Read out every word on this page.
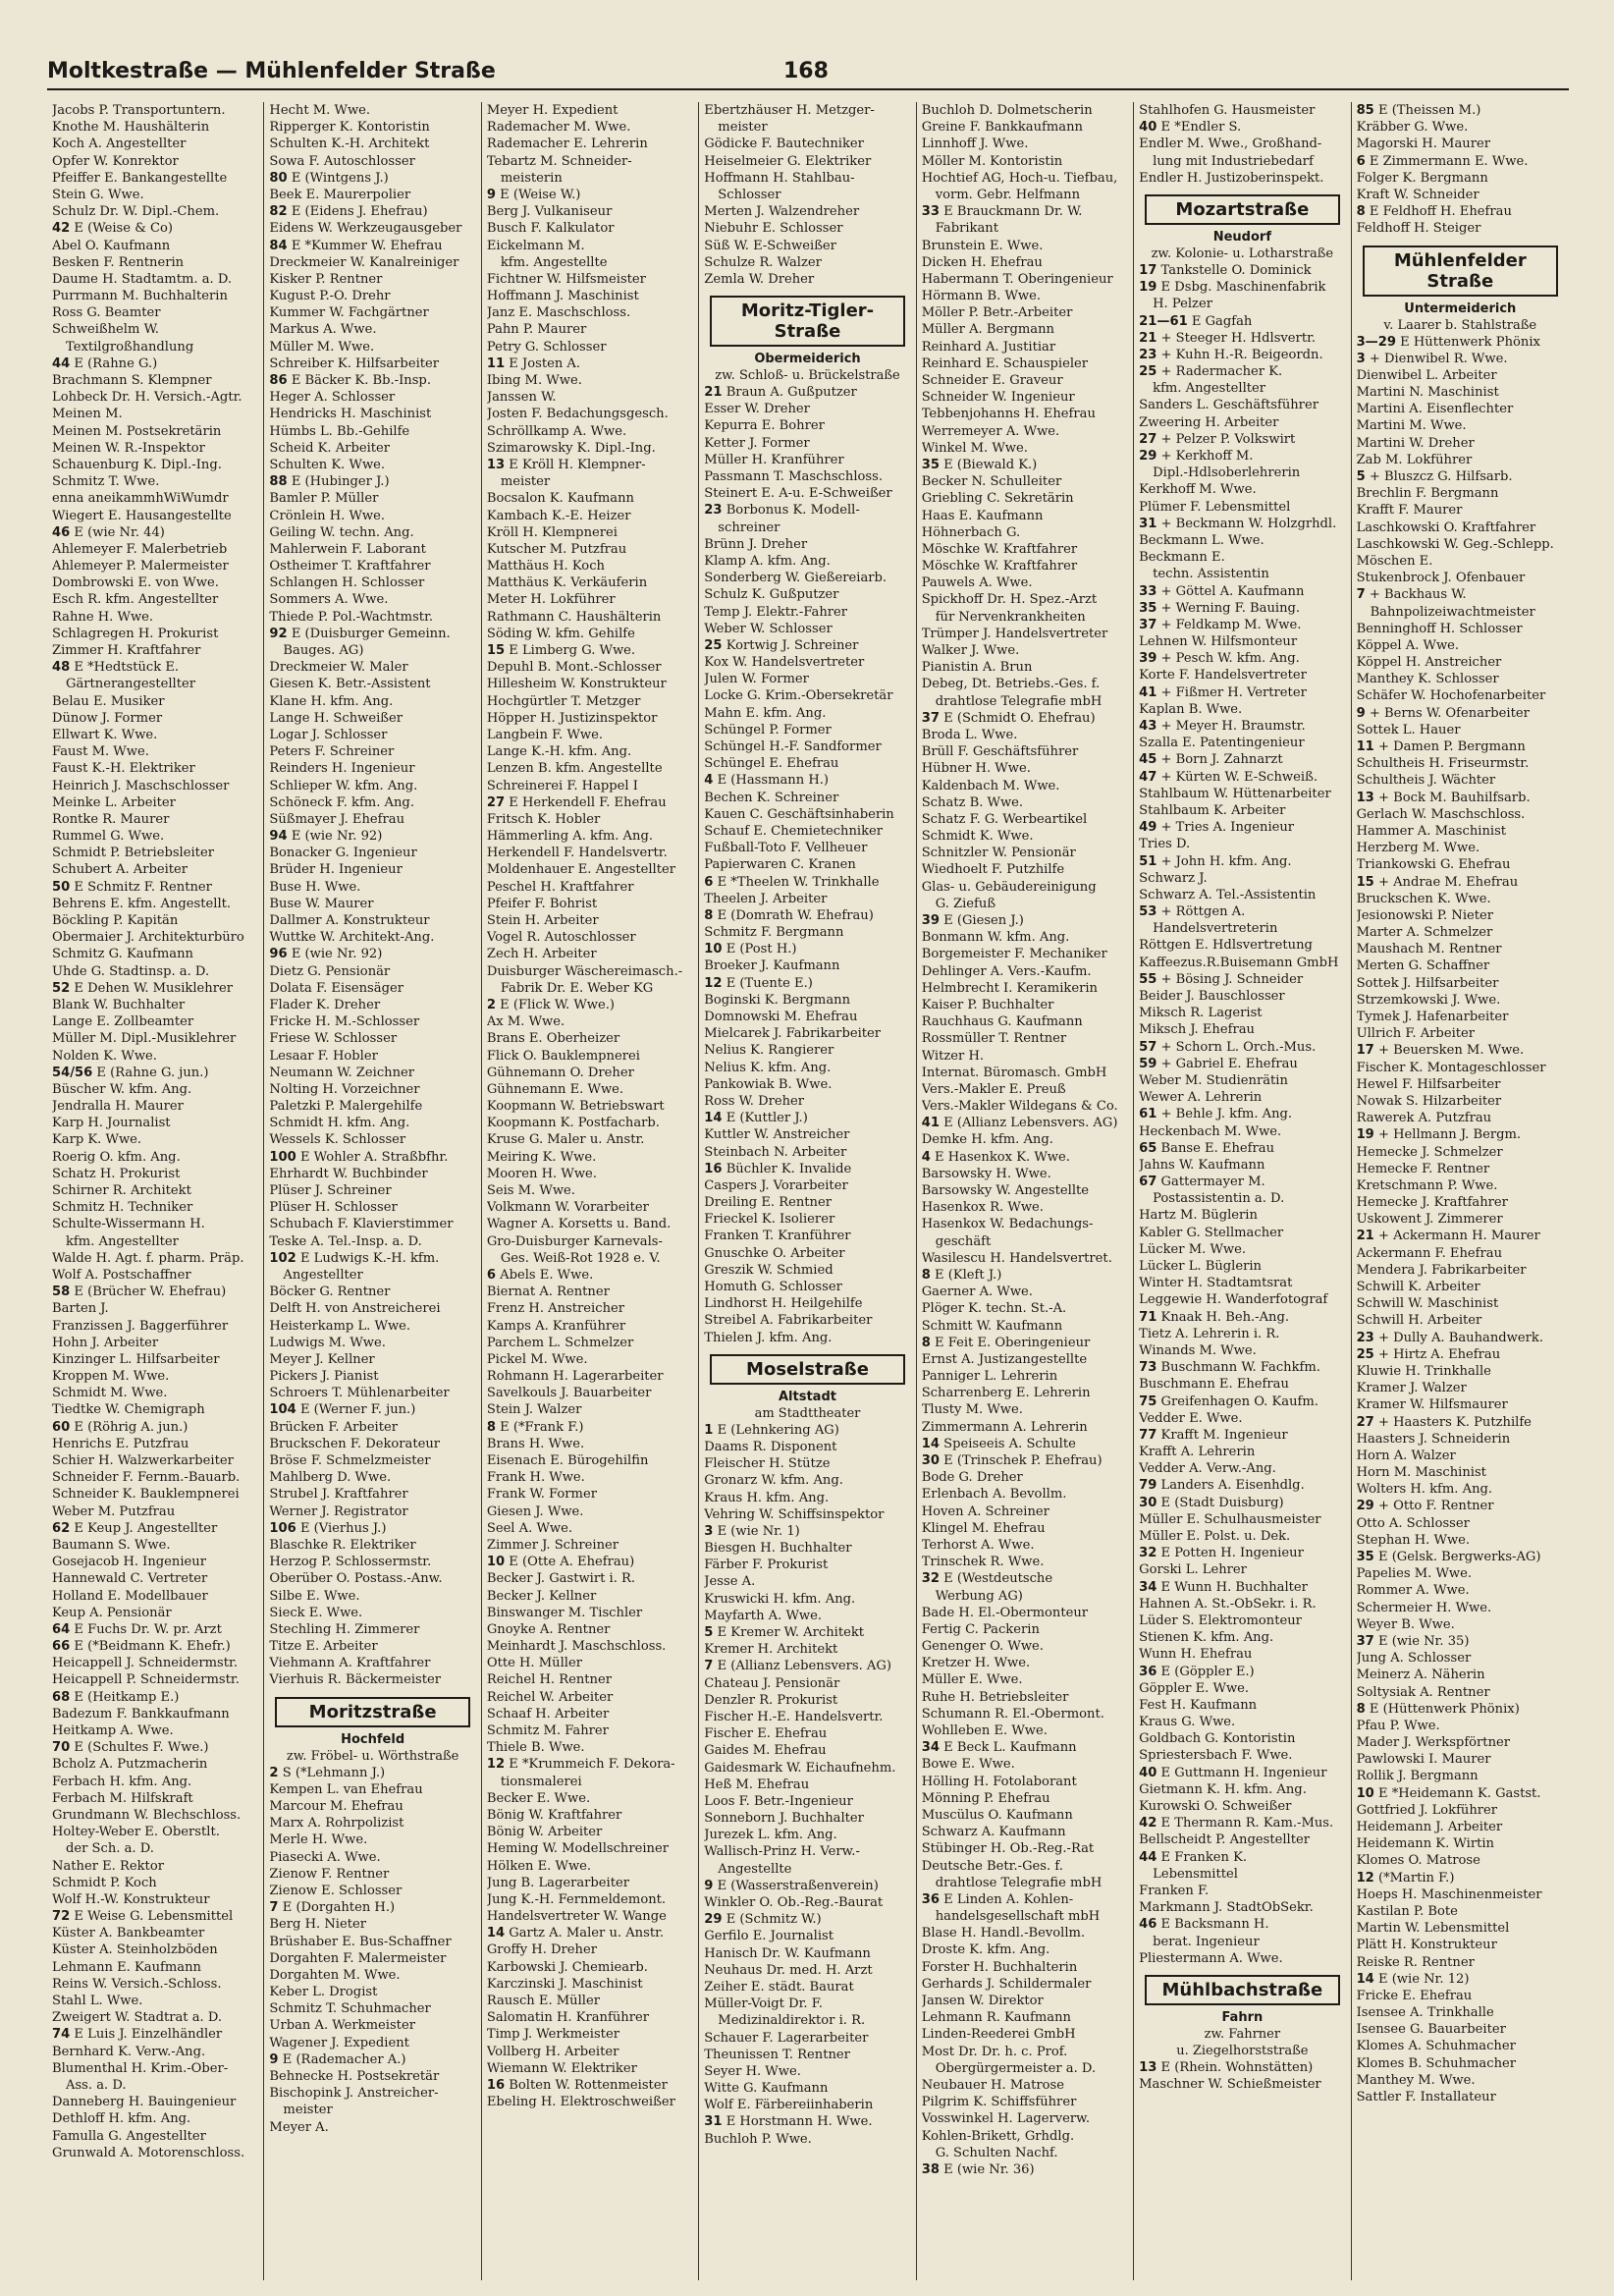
Moltkestraße — Mühlenfelder Straße	168
Jacobs P. Transportuntern.
Knothe M. Haushälterin
Koch A. Angestellter
Opfer W. Konrektor
Pfeiffer E. Bankangestellte
Stein G. Wwe.
Schulz Dr. W. Dipl.-Chem.
42 E (Weise & Co)
Abel O. Kaufmann
Besken F. Rentnerin
Daume H. Stadtamtm. a. D.
Purrmann M. Buchhalterin
Ross G. Beamter
Schweißhelm W.
Textilgroßhandlung
44 E (Rahne G.)
Brachmann S. Klempner
Lohbeck Dr. H. Versich.-Agtr.
Meinen M.
Meinen M. Postsekretärin
Meinen W. R.-Inspektor
Schauenburg K. Dipl.-Ing.
Schmitz T. Wwe.
enna aneikammhWiWumdr
Wiegert E. Hausangestellte
46 E (wie Nr. 44)
Ahlemeyer F. Malerbetrieb
Ahlemeyer P. Malermeister
Dombrowski E. von Wwe.
Esch R. kfm. Angestellter
Rahne H. Wwe.
Schlagregen H. Prokurist
Zimmer H. Kraftfahrer
48 E *Hedtstück E.
Gärtnerangestellter
Belau E. Musiker
Dünow J. Former
Ellwart K. Wwe.
Faust M. Wwe.
Faust K.-H. Elektriker
Heinrich J. Maschschlosser
Meinke L. Arbeiter
Rontke R. Maurer
Rummel G. Wwe.
Schmidt P. Betriebsleiter
Schubert A. Arbeiter
50 E Schmitz F. Rentner
Behrens E. kfm. Angestellt.
Böckling P. Kapitän
Obermaier J. Architekturbüro
Schmitz G. Kaufmann
Uhde G. Stadtinsp. a. D.
52 E Dehen W. Musiklehrer
Blank W. Buchhalter
Lange E. Zollbeamter
Müller M. Dipl.-Musiklehrer
Nolden K. Wwe.
54/56 E (Rahne G. jun.)
Büscher W. kfm. Ang.
Jendralla H. Maurer
Karp H. Journalist
Karp K. Wwe.
Roerig O. kfm. Ang.
Schatz H. Prokurist
Schirner R. Architekt
Schmitz H. Techniker
Schulte-Wissermann H.
kfm. Angestellter
Walde H. Agt. f. pharm. Präp.
Wolf A. Postschaffner
58 E (Brücher W. Ehefrau)
Barten J.
Franzissen J. Baggerführer
Hohn J. Arbeiter
Kinzinger L. Hilfsarbeiter
Kroppen M. Wwe.
Schmidt M. Wwe.
Tiedtke W. Chemigraph
60 E (Röhrig A. jun.)
Henrichs E. Putzfrau
Schier H. Walzwerkarbeiter
Schneider F. Fernm.-Bauarb.
Schneider K. Bauklempnerei
Weber M. Putzfrau
62 E Keup J. Angestellter
Baumann S. Wwe.
Gosejacob H. Ingenieur
Hannewald C. Vertreter
Holland E. Modellbauer
Keup A. Pensionär
64 E Fuchs Dr. W. pr. Arzt
66 E (*Beidmann K. Ehefr.)
Heicappell J. Schneidermstr.
Heicappell P. Schneidermstr.
68 E (Heitkamp E.)
Badezum F. Bankkaufmann
Heitkamp A. Wwe.
70 E (Schultes F. Wwe.)
Bcholz A. Putzmacherin
Ferbach H. kfm. Ang.
Ferbach M. Hilfskraft
Grundmann W. Blechschloss.
Holtey-Weber E. Oberstlt.
der Sch. a. D.
Nather E. Rektor
Schmidt P. Koch
Wolf H.-W. Konstrukteur
72 E Weise G. Lebensmittel
Küster A. Bankbeamter
Küster A. Steinholzböden
Lehmann E. Kaufmann
Reins W. Versich.-Schloss.
Stahl L. Wwe.
Zweigert W. Stadtrat a. D.
74 E Luis J. Einzelhändler
Bernhard K. Verw.-Ang.
Blumenthal H. Krim.-Ober-
Ass. a. D.
Danneberg H. Bauingenieur
Dethloff H. kfm. Ang.
Famulla G. Angestellter
Grunwald A. Motorenschloss.
Hecht M. Wwe.
Ripperger K. Kontoristin
Schulten K.-H. Architekt
Sowa F. Autoschlosser
80 E (Wintgens J.)
Beek E. Maurerpolier
82 E (Eidens J. Ehefrau)
Eidens W. Werkzeugausgeber
84 E *Kummer W. Ehefrau
Dreckmeier W. Kanalreiniger
Kisker P. Rentner
Kugust P.-O. Drehr
Kummer W. Fachgärtner
Markus A. Wwe.
Müller M. Wwe.
Schreiber K. Hilfsarbeiter
86 E Bäcker K. Bb.-Insp.
Heger A. Schlosser
Hendricks H. Maschinist
Hümbs L. Bb.-Gehilfe
Scheid K. Arbeiter
Schulten K. Wwe.
88 E (Hubinger J.)
Bamler P. Müller
Crönlein H. Wwe.
Geiling W. techn. Ang.
Mahlerwein F. Laborant
Ostheimer T. Kraftfahrer
Schlangen H. Schlosser
Sommers A. Wwe.
Thiede P. Pol.-Wachtmstr.
92 E (Duisburger Gemeinn.
Bauges. AG)
Dreckmeier W. Maler
Giesen K. Betr.-Assistent
Klane H. kfm. Ang.
Lange H. Schweißer
Logar J. Schlosser
Peters F. Schreiner
Reinders H. Ingenieur
Schlieper W. kfm. Ang.
Schöneck F. kfm. Ang.
Süßmayer J. Ehefrau
94 E (wie Nr. 92)
Bonacker G. Ingenieur
Brüder H. Ingenieur
Buse H. Wwe.
Buse W. Maurer
Dallmer A. Konstrukteur
Wuttke W. Architekt-Ang.
96 E (wie Nr. 92)
Dietz G. Pensionär
Dolata F. Eisensäger
Flader K. Dreher
Fricke H. M.-Schlosser
Friese W. Schlosser
Lesaar F. Hobler
Neumann W. Zeichner
Nolting H. Vorzeichner
Paletzki P. Malergehilfe
Schmidt H. kfm. Ang.
Wessels K. Schlosser
100 E Wohler A. Straßbfhr.
Ehrhardt W. Buchbinder
Plüser J. Schreiner
Plüser H. Schlosser
Schubach F. Klavierstimmer
Teske A. Tel.-Insp. a. D.
102 E Ludwigs K.-H. kfm.
Angestellter
Böcker G. Rentner
Delft H. von Anstreicherei
Heisterkamp L. Wwe.
Ludwigs M. Wwe.
Meyer J. Kellner
Pickers J. Pianist
Schroers T. Mühlenarbeiter
104 E (Werner F. jun.)
Brücken F. Arbeiter
Bruckschen F. Dekorateur
Bröse F. Schmelzmeister
Mahlberg D. Wwe.
Strubel J. Kraftfahrer
Werner J. Registrator
106 E (Vierhus J.)
Blaschke R. Elektriker
Herzog P. Schlossermstr.
Oberüber O. Postass.-Anw.
Silbe E. Wwe.
Sieck E. Wwe.
Stechling H. Zimmerer
Titze E. Arbeiter
Viehmann A. Kraftfahrer
Vierhuis R. Bäckermeister
Moritzstraße
Hochfeld
zw. Fröbel- u. Wörthstraße
2 S (*Lehmann J.)
Kempen L. van Ehefrau
Marcour M. Ehefrau
Marx A. Rohrpolizist
Merle H. Wwe.
Piasecki A. Wwe.
Zienow F. Rentner
Zienow E. Schlosser
7 E (Dorgahten H.)
Berg H. Nieter
Brüshaber E. Bus-Schaffner
Dorgahten F. Malermeister
Dorgahten M. Wwe.
Keber L. Drogist
Schmitz T. Schuhmacher
Urban A. Werkmeister
Wagener J. Expedient
9 E (Rademacher A.)
Behnecke H. Postsekretär
Bischopink J. Anstreicher-
meister
Meyer A.
Meyer H. Expedient
Rademacher M. Wwe.
Rademacher E. Lehrerin
Tebartz M. Schneider-
meisterin
9 E (Weise W.)
Berg J. Vulkaniseur
Busch F. Kalkulator
Eickelmann M.
kfm. Angestellte
Fichtner W. Hilfsmeister
Hoffmann J. Maschinist
Janz E. Maschschloss.
Pahn P. Maurer
Petry G. Schlosser
11 E Josten A.
Ibing M. Wwe.
Janssen W.
Josten F. Bedachungsgesch.
Schröllkamp A. Wwe.
Szimarowsky K. Dipl.-Ing.
13 E Kröll H. Klempner-
meister
Bocsalon K. Kaufmann
Kambach K.-E. Heizer
Kröll H. Klempnerei
Kutscher M. Putzfrau
Matthäus H. Koch
Matthäus K. Verkäuferin
Meter H. Lokführer
Rathmann C. Haushälterin
Söding W. kfm. Gehilfe
15 E Limberg G. Wwe.
Depuhl B. Mont.-Schlosser
Hillesheim W. Konstrukteur
Hochgürtler T. Metzger
Höpper H. Justizinspektor
Langbein F. Wwe.
Lange K.-H. kfm. Ang.
Lenzen B. kfm. Angestellte
Schreinerei F. Happel I
27 E Herkendell F. Ehefrau
Fritsch K. Hobler
Hämmerling A. kfm. Ang.
Herkendell F. Handelsvertr.
Moldenhauer E. Angestellter
Peschel H. Kraftfahrer
Pfeifer F. Bohrist
Stein H. Arbeiter
Vogel R. Autoschlosser
Zech H. Arbeiter
Duisburger Wäschereimasch.-
Fabrik Dr. E. Weber KG
2 E (Flick W. Wwe.)
Ax M. Wwe.
Brans E. Oberheizer
Flick O. Bauklempnerei
Gühnemann O. Dreher
Gühnemann E. Wwe.
Koopmann W. Betriebswart
Koopmann K. Postfacharb.
Kruse G. Maler u. Anstr.
Meiring K. Wwe.
Mooren H. Wwe.
Seis M. Wwe.
Volkmann W. Vorarbeiter
Wagner A. Korsetts u. Band.
Gro-Duisburger Karnevals-
Ges. Weiß-Rot 1928 e. V.
6 Abels E. Wwe.
Biernat A. Rentner
Frenz H. Anstreicher
Kamps A. Kranführer
Parchem L. Schmelzer
Pickel M. Wwe.
Rohmann H. Lagerarbeiter
Savelkouls J. Bauarbeiter
Stein J. Walzer
8 E (*Frank F.)
Brans H. Wwe.
Eisenach E. Bürogehilfin
Frank H. Wwe.
Frank W. Former
Giesen J. Wwe.
Seel A. Wwe.
Zimmer J. Schreiner
10 E (Otte A. Ehefrau)
Becker J. Gastwirt i. R.
Becker J. Kellner
Binswanger M. Tischler
Gnoyke A. Rentner
Meinhardt J. Maschschloss.
Otte H. Müller
Reichel H. Rentner
Reichel W. Arbeiter
Schaaf H. Arbeiter
Schmitz M. Fahrer
Thiele B. Wwe.
12 E *Krummeich F. Dekora-
tionsmalerei
Becker E. Wwe.
Bönig W. Kraftfahrer
Bönig W. Arbeiter
Heming W. Modellschreiner
Hölken E. Wwe.
Jung B. Lagerarbeiter
Jung K.-H. Fernmeldemont.
Handelsvertreter W. Wange
14 Gartz A. Maler u. Anstr.
Groffy H. Dreher
Karbowski J. Chemiearb.
Karczinski J. Maschinist
Rausch E. Müller
Salomatin H. Kranführer
Timp J. Werkmeister
Vollberg H. Arbeiter
Wiemann W. Elektriker
16 Bolten W. Rottenmeister
Ebeling H. Elektroschweißer
Ebertzhäuser H. Metzger-
meister
Gödicke F. Bautechniker
Heiselmeier G. Elektriker
Hoffmann H. Stahlbau-
Schlosser
Merten J. Walzendreher
Niebuhr E. Schlosser
Süß W. E-Schweißer
Schulze R. Walzer
Zemla W. Dreher
Moritz-Tigler-Straße
Obermeiderich
zw. Schloß- u. Brückelstraße
21 Braun A. Gußputzer
Esser W. Dreher
Kepurra E. Bohrer
Ketter J. Former
Müller H. Kranführer
Passmann T. Maschschloss.
Steinert E. A-u. E-Schweißer
23 Borbonus K. Modell-
schreiner
Brünn J. Dreher
Klamp A. kfm. Ang.
Sonderberg W. Gießereiarb.
Schulz K. Gußputzer
Temp J. Elektr.-Fahrer
Weber W. Schlosser
25 Kortwig J. Schreiner
Kox W. Handelsvertreter
Julen W. Former
Locke G. Krim.-Obersekretär
Mahn E. kfm. Ang.
Schüngel P. Former
Schüngel H.-F. Sandformer
Schüngel E. Ehefrau
4 E (Hassmann H.)
Bechen K. Schreiner
Kauen C. Geschäftsinhaberin
Schauf E. Chemietechniker
Fußball-Toto F. Vellheuer
Papierwaren C. Kranen
6 E *Theelen W. Trinkhalle
Theelen J. Arbeiter
8 E (Domrath W. Ehefrau)
Schmitz F. Bergmann
10 E (Post H.)
Broeker J. Kaufmann
12 E (Tuente E.)
Boginski K. Bergmann
Domnowski M. Ehefrau
Mielcarek J. Fabrikarbeiter
Nelius K. Rangierer
Nelius K. kfm. Ang.
Pankowiak B. Wwe.
Ross W. Dreher
14 E (Kuttler J.)
Kuttler W. Anstreicher
Steinbach N. Arbeiter
16 Büchler K. Invalide
Caspers J. Vorarbeiter
Dreiling E. Rentner
Frieckel K. Isolierer
Franken T. Kranführer
Gnuschke O. Arbeiter
Greszik W. Schmied
Homuth G. Schlosser
Lindhorst H. Heilgehilfe
Streibel A. Fabrikarbeiter
Thielen J. kfm. Ang.
Moselstraße
Altstadt
am Stadttheater
1 E (Lehnkering AG)
Daams R. Disponent
Fleischer H. Stütze
Gronarz W. kfm. Ang.
Kraus H. kfm. Ang.
Vehring W. Schiffsinspektor
3 E (wie Nr. 1)
Biesgen H. Buchhalter
Färber F. Prokurist
Jesse A.
Kruswicki H. kfm. Ang.
Mayfarth A. Wwe.
5 E Kremer W. Architekt
Kremer H. Architekt
7 E (Allianz Lebensvers. AG)
Chateau J. Pensionär
Denzler R. Prokurist
Fischer H.-E. Handelsvertr.
Fischer E. Ehefrau
Gaides M. Ehefrau
Gaidesmark W. Eichaufnehm.
Heß M. Ehefrau
Loos F. Betr.-Ingenieur
Sonneborn J. Buchhalter
Jurezek L. kfm. Ang.
Wallisch-Prinz H. Verw.-
Angestellte
9 E (Wasserstraßenverein)
Winkler O. Ob.-Reg.-Baurat
29 E (Schmitz W.)
Gerfilo E. Journalist
Hanisch Dr. W. Kaufmann
Neuhaus Dr. med. H. Arzt
Zeiher E. städt. Baurat
Müller-Voigt Dr. F.
Medizinaldirektor i. R.
Schauer F. Lagerarbeiter
Theunissen T. Rentner
Seyer H. Wwe.
Witte G. Kaufmann
Wolf E. Färbereiinhaberin
31 E Horstmann H. Wwe.
Buchloh P. Wwe.
Buchloh D. Dolmetscherin
Greine F. Bankkaufmann
Linnhoff J. Wwe.
Möller M. Kontoristin
Hochtief AG, Hoch-u. Tiefbau,
vorm. Gebr. Helfmann
33 E Brauckmann Dr. W.
Fabrikant
Brunstein E. Wwe.
Dicken H. Ehefrau
Habermann T. Oberingenieur
Hörmann B. Wwe.
Möller P. Betr.-Arbeiter
Müller A. Bergmann
Reinhard A. Justitiar
Reinhard E. Schauspieler
Schneider E. Graveur
Schneider W. Ingenieur
Tebbenjohanns H. Ehefrau
Werremeyer A. Wwe.
Winkel M. Wwe.
35 E (Biewald K.)
Becker N. Schulleiter
Griebling C. Sekretärin
Haas E. Kaufmann
Höhnerbach G.
Möschke W. Kraftfahrer
Möschke W. Kraftfahrer
Pauwels A. Wwe.
Spickhoff Dr. H. Spez.-Arzt
für Nervenkrankheiten
Trümper J. Handelsvertreter
Walker J. Wwe.
Pianistin A. Brun
Debeg, Dt. Betriebs.-Ges. f.
drahtlose Telegrafie mbH
37 E (Schmidt O. Ehefrau)
Broda L. Wwe.
Brüll F. Geschäftsführer
Hübner H. Wwe.
Kaldenbach M. Wwe.
Schatz B. Wwe.
Schatz F. G. Werbeartikel
Schmidt K. Wwe.
Schnitzler W. Pensionär
Wiedhoelt F. Putzhilfe
Glas- u. Gebäudereinigung
G. Ziefuß
39 E (Giesen J.)
Bonmann W. kfm. Ang.
Borgemeister F. Mechaniker
Dehlinger A. Vers.-Kaufm.
Helmbrecht I. Keramikerin
Kaiser P. Buchhalter
Rauchhaus G. Kaufmann
Rossmüller T. Rentner
Witzer H.
Internat. Büromasch. GmbH
Vers.-Makler E. Preuß
Vers.-Makler Wildegans & Co.
41 E (Allianz Lebensvers. AG)
Demke H. kfm. Ang.
4 E Hasenkox K. Wwe.
Barsowsky H. Wwe.
Barsowsky W. Angestellte
Hasenkox R. Wwe.
Hasenkox W. Bedachungs-
geschäft
Wasilescu H. Handelsvertret.
8 E (Kleft J.)
Gaerner A. Wwe.
Plöger K. techn. St.-A.
Schmitt W. Kaufmann
8 E Feit E. Oberingenieur
Ernst A. Justizangestellte
Panniger L. Lehrerin
Scharrenberg E. Lehrerin
Tlusty M. Wwe.
Zimmermann A. Lehrerin
14 Speiseeis A. Schulte
30 E (Trinschek P. Ehefrau)
Bode G. Dreher
Erlenbach A. Bevollm.
Hoven A. Schreiner
Klingel M. Ehefrau
Terhorst A. Wwe.
Trinschek R. Wwe.
32 E (Westdeutsche
Werbung AG)
Bade H. El.-Obermonteur
Fertig C. Packerin
Genenger O. Wwe.
Kretzer H. Wwe.
Müller E. Wwe.
Ruhe H. Betriebsleiter
Schumann R. El.-Obermont.
Wohlleben E. Wwe.
34 E Beck L. Kaufmann
Bowe E. Wwe.
Hölling H. Fotolaborant
Mönning P. Ehefrau
Muscülus O. Kaufmann
Schwarz A. Kaufmann
Stübinger H. Ob.-Reg.-Rat
Deutsche Betr.-Ges. f.
drahtlose Telegrafie mbH
36 E Linden A. Kohlen-
handelsgesellschaft mbH
Blase H. Handl.-Bevollm.
Droste K. kfm. Ang.
Forster H. Buchhalterin
Gerhards J. Schildermaler
Jansen W. Direktor
Lehmann R. Kaufmann
Linden-Reederei GmbH
Most Dr. Dr. h. c. Prof.
Obergürgermeister a. D.
Neubauer H. Matrose
Pilgrim K. Schiffsführer
Vosswinkel H. Lagerverw.
Kohlen-Brikett, Grhdlg.
G. Schulten Nachf.
38 E (wie Nr. 36)
Stahlhofen G. Hausmeister
40 E *Endler S.
Endler M. Wwe., Großhand-
lung mit Industriebedarf
Endler H. Justizoberinspekt.
Mozartstraße
Neudorf
zw. Kolonie- u. Lotharstraße
17 Tankstelle O. Dominick
19 E Dsbg. Maschinenfabrik
H. Pelzer
21—61 E Gagfah
21 + Steeger H. Hdlsvertr.
23 + Kuhn H.-R. Beigeordn.
25 + Radermacher K.
kfm. Angestellter
Sanders L. Geschäftsführer
Zweering H. Arbeiter
27 + Pelzer P. Volkswirt
29 + Kerkhoff M.
Dipl.-Hdlsoberlehrerin
Kerkhoff M. Wwe.
Plümer F. Lebensmittel
31 + Beckmann W. Holzgrhdl.
Beckmann L. Wwe.
Beckmann E.
techn. Assistentin
33 + Göttel A. Kaufmann
35 + Werning F. Bauing.
37 + Feldkamp M. Wwe.
Lehnen W. Hilfsmonteur
39 + Pesch W. kfm. Ang.
Korte F. Handelsvertreter
41 + Fißmer H. Vertreter
Kaplan B. Wwe.
43 + Meyer H. Braumstr.
Szalla E. Patentingenieur
45 + Born J. Zahnarzt
47 + Kürten W. E-Schweiß.
Stahlbaum W. Hüttenarbeiter
Stahlbaum K. Arbeiter
49 + Tries A. Ingenieur
Tries D.
51 + John H. kfm. Ang.
Schwarz J.
Schwarz A. Tel.-Assistentin
53 + Röttgen A.
Handelsvertreterin
Röttgen E. Hdlsvertretung
Kaffeezus.R.Buisemann GmbH
55 + Bösing J. Schneider
Beider J. Bauschlosser
Miksch R. Lagerist
Miksch J. Ehefrau
57 + Schorn L. Orch.-Mus.
59 + Gabriel E. Ehefrau
Weber M. Studienrätin
Wewer A. Lehrerin
61 + Behle J. kfm. Ang.
Heckenbach M. Wwe.
65 Banse E. Ehefrau
Jahns W. Kaufmann
67 Gattermayer M.
Postassistentin a. D.
Hartz M. Büglerin
Kabler G. Stellmacher
Lücker M. Wwe.
Lücker L. Büglerin
Winter H. Stadtamtsrat
Leggewie H. Wanderfotograf
71 Knaak H. Beh.-Ang.
Tietz A. Lehrerin i. R.
Winands M. Wwe.
73 Buschmann W. Fachkfm.
Buschmann E. Ehefrau
75 Greifenhagen O. Kaufm.
Vedder E. Wwe.
77 Krafft M. Ingenieur
Krafft A. Lehrerin
Vedder A. Verw.-Ang.
79 Landers A. Eisenhdlg.
30 E (Stadt Duisburg)
Müller E. Schulhausmeister
Müller E. Polst. u. Dek.
32 E Potten H. Ingenieur
Gorski L. Lehrer
34 E Wunn H. Buchhalter
Hahnen A. St.-ObSekr. i. R.
Lüder S. Elektromonteur
Stienen K. kfm. Ang.
Wunn H. Ehefrau
36 E (Göppler E.)
Göppler E. Wwe.
Fest H. Kaufmann
Kraus G. Wwe.
Goldbach G. Kontoristin
Spriestersbach F. Wwe.
40 E Guttmann H. Ingenieur
Gietmann K. H. kfm. Ang.
Kurowski O. Schweißer
42 E Thermann R. Kam.-Mus.
Bellscheidt P. Angestellter
44 E Franken K.
Lebensmittel
Franken F.
Markmann J. StadtObSekr.
46 E Backsmann H.
berat. Ingenieur
Pliestermann A. Wwe.
Mühlbachstraße
Fahrn
zw. Fahrner
u. Ziegelhorststraße
13 E (Rhein. Wohnstätten)
Maschner W. Schießmeister
85 E (Theissen M.)
Kräbber G. Wwe.
Magorski H. Maurer
6 E Zimmermann E. Wwe.
Folger K. Bergmann
Kraft W. Schneider
8 E Feldhoff H. Ehefrau
Feldhoff H. Steiger
Mühlenfelder Straße
Untermeiderich
v. Laarer b. Stahlstraße
3—29 E Hüttenwerk Phönix
3 + Dienwibel R. Wwe.
Dienwibel L. Arbeiter
Martini N. Maschinist
Martini A. Eisenflechter
Martini M. Wwe.
Martini W. Dreher
Zab M. Lokführer
5 + Bluszcz G. Hilfsarb.
Brechlin F. Bergmann
Krafft F. Maurer
Laschkowski O. Kraftfahrer
Laschkowski W. Geg.-Schlepp.
Möschen E.
Stukenbrock J. Ofenbauer
7 + Backhaus W.
Bahnpolizeiwachtmeister
Benninghoff H. Schlosser
Köppel A. Wwe.
Köppel H. Anstreicher
Manthey K. Schlosser
Schäfer W. Hochofenarbeiter
9 + Berns W. Ofenarbeiter
Sottek L. Hauer
11 + Damen P. Bergmann
Schultheis H. Friseurmstr.
Schultheis J. Wächter
13 + Bock M. Bauhilfsarb.
Gerlach W. Maschschloss.
Hammer A. Maschinist
Herzberg M. Wwe.
Triankowski G. Ehefrau
15 + Andrae M. Ehefrau
Bruckschen K. Wwe.
Jesionowski P. Nieter
Marter A. Schmelzer
Maushach M. Rentner
Merten G. Schaffner
Sottek J. Hilfsarbeiter
Strzemkowski J. Wwe.
Tymek J. Hafenarbeiter
Ullrich F. Arbeiter
17 + Beuersken M. Wwe.
Fischer K. Montageschlosser
Hewel F. Hilfsarbeiter
Nowak S. Hilzarbeiter
Rawerek A. Putzfrau
19 + Hellmann J. Bergm.
Hemecke J. Schmelzer
Hemecke F. Rentner
Kretschmann P. Wwe.
Hemecke J. Kraftfahrer
Uskowent J. Zimmerer
21 + Ackermann H. Maurer
Ackermann F. Ehefrau
Mendera J. Fabrikarbeiter
Schwill K. Arbeiter
Schwill W. Maschinist
Schwill H. Arbeiter
23 + Dully A. Bauhandwerk.
25 + Hirtz A. Ehefrau
Kluwie H. Trinkhalle
Kramer J. Walzer
Kramer W. Hilfsmaurer
27 + Haasters K. Putzhilfe
Haasters J. Schneiderin
Horn A. Walzer
Horn M. Maschinist
Wolters H. kfm. Ang.
29 + Otto F. Rentner
Otto A. Schlosser
Stephan H. Wwe.
35 E (Gelsk. Bergwerks-AG)
Papelies M. Wwe.
Rommer A. Wwe.
Schermeier H. Wwe.
Weyer B. Wwe.
37 E (wie Nr. 35)
Jung A. Schlosser
Meinerz A. Näherin
Soltysiak A. Rentner
8 E (Hüttenwerk Phönix)
Pfau P. Wwe.
Mader J. Werkspförtner
Pawlowski I. Maurer
Rollik J. Bergmann
10 E *Heidemann K. Gastst.
Gottfried J. Lokführer
Heidemann J. Arbeiter
Heidemann K. Wirtin
Klomes O. Matrose
12 (*Martin F.)
Hoeps H. Maschinenmeister
Kastilan P. Bote
Martin W. Lebensmittel
Plätt H. Konstrukteur
Reiske R. Rentner
14 E (wie Nr. 12)
Fricke E. Ehefrau
Isensee A. Trinkhalle
Isensee G. Bauarbeiter
Klomes A. Schuhmacher
Klomes B. Schuhmacher
Manthey M. Wwe.
Sattler F. Installateur
